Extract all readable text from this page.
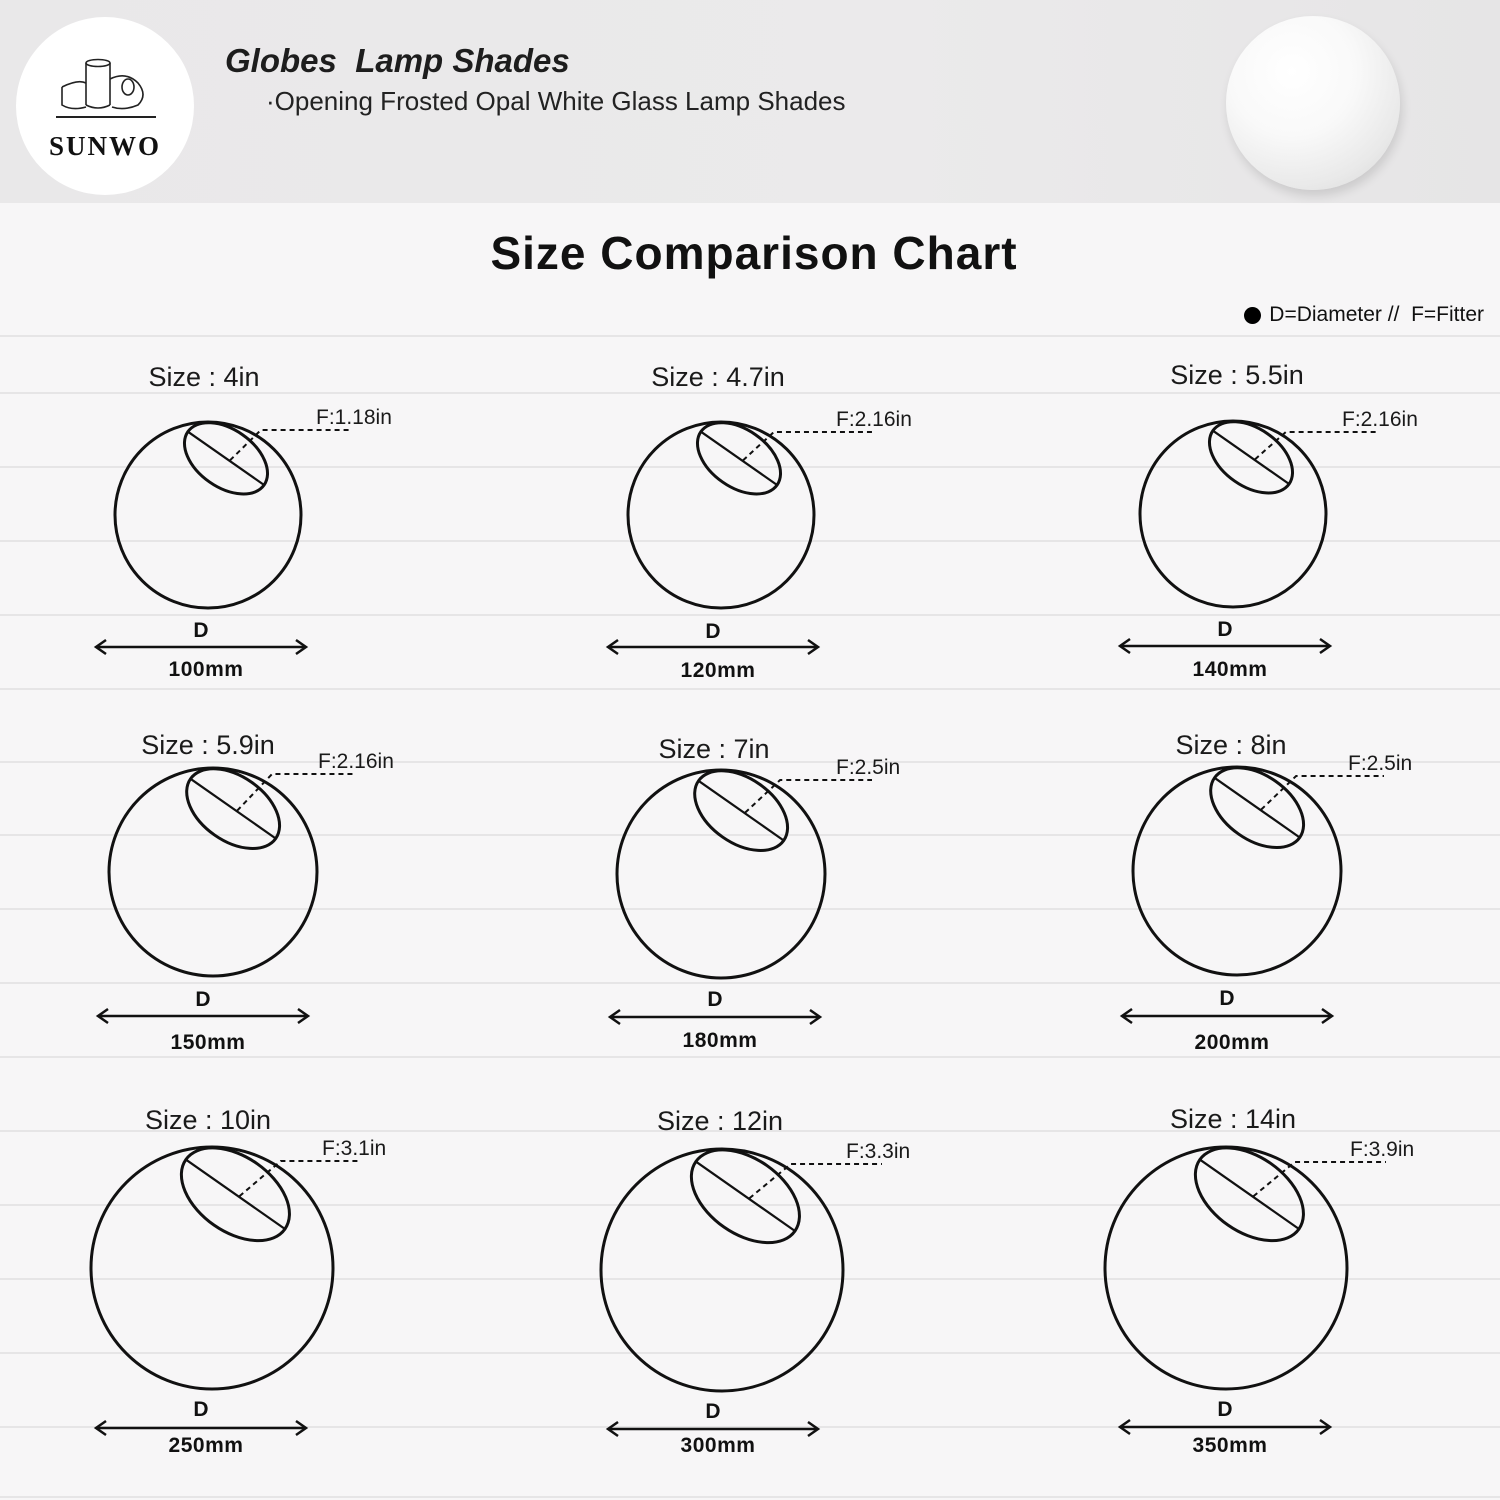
SUNWO
Globes  Lamp Shades
·Opening Frosted Opal White Glass Lamp Shades
Size Comparison Chart
D=Diameter //  F=Fitter
Size : 4in
F:1.18in
D
100mm
Size : 4.7in
F:2.16in
D
120mm
Size : 5.5in
F:2.16in
D
140mm
Size : 5.9in
F:2.16in
D
150mm
Size : 7in
F:2.5in
D
180mm
Size : 8in
F:2.5in
D
200mm
Size : 10in
F:3.1in
D
250mm
Size : 12in
F:3.3in
D
300mm
Size : 14in
F:3.9in
D
350mm
